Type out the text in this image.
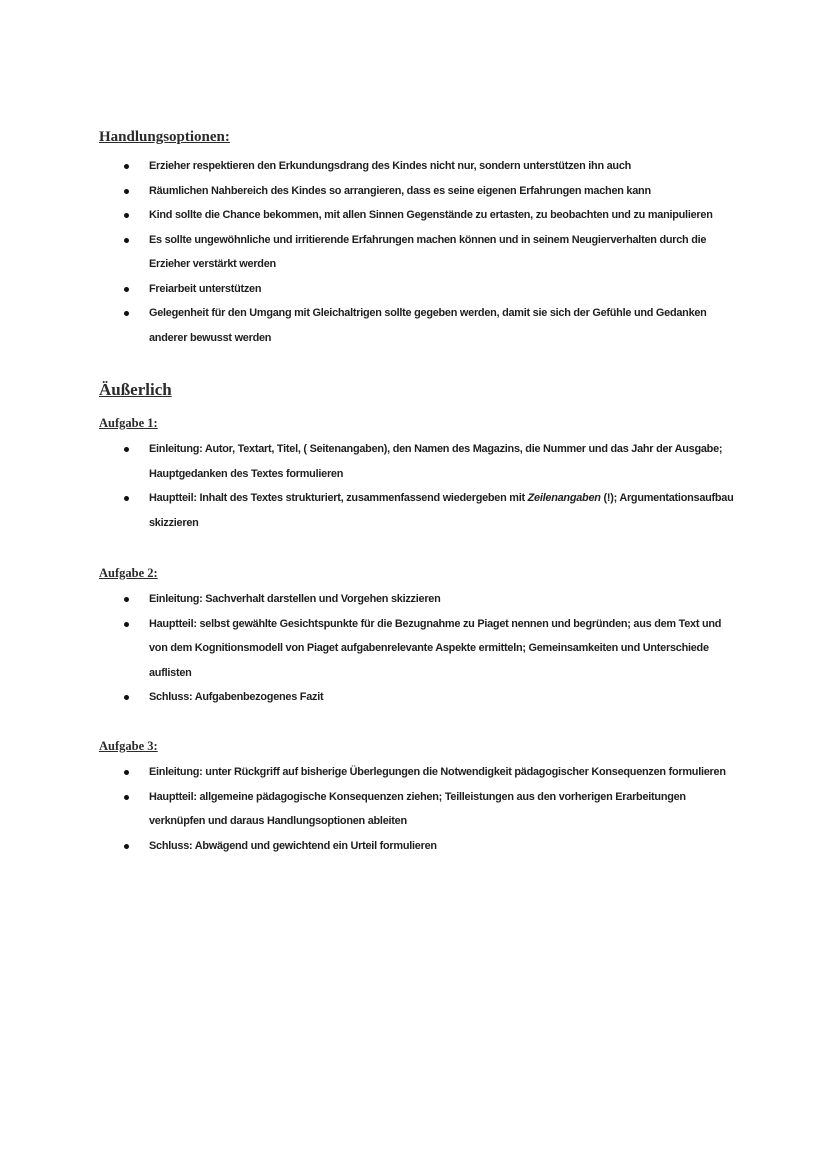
Handlungsoptionen:
Erzieher respektieren den Erkundungsdrang des Kindes nicht nur, sondern unterstützen ihn auch
Räumlichen Nahbereich des Kindes so arrangieren, dass es seine eigenen Erfahrungen machen kann
Kind sollte die Chance bekommen, mit allen Sinnen Gegenstände zu ertasten, zu beobachten und zu manipulieren
Es sollte ungewöhnliche und irritierende Erfahrungen machen können und in seinem Neugierverhalten durch die Erzieher verstärkt werden
Freiarbeit unterstützen
Gelegenheit für den Umgang mit Gleichaltrigen sollte gegeben werden, damit sie sich der Gefühle und Gedanken anderer bewusst werden
Äußerlich
Aufgabe 1:
Einleitung: Autor, Textart, Titel, ( Seitenangaben), den Namen des Magazins, die Nummer und das Jahr der Ausgabe; Hauptgedanken des Textes formulieren
Hauptteil: Inhalt des Textes strukturiert, zusammenfassend wiedergeben mit Zeilenangaben (!); Argumentationsaufbau skizzieren
Aufgabe 2:
Einleitung: Sachverhalt darstellen und Vorgehen skizzieren
Hauptteil: selbst gewählte Gesichtspunkte für die Bezugnahme zu Piaget nennen und begründen; aus dem Text und von dem Kognitionsmodell von Piaget aufgabenrelevante Aspekte ermitteln; Gemeinsamkeiten und Unterschiede auflisten
Schluss: Aufgabenbezogenes Fazit
Aufgabe 3:
Einleitung: unter Rückgriff auf bisherige Überlegungen die Notwendigkeit pädagogischer Konsequenzen formulieren
Hauptteil: allgemeine pädagogische Konsequenzen ziehen; Teilleistungen aus den vorherigen Erarbeitungen verknüpfen und daraus Handlungsoptionen ableiten
Schluss: Abwägend und gewichtend ein Urteil formulieren
